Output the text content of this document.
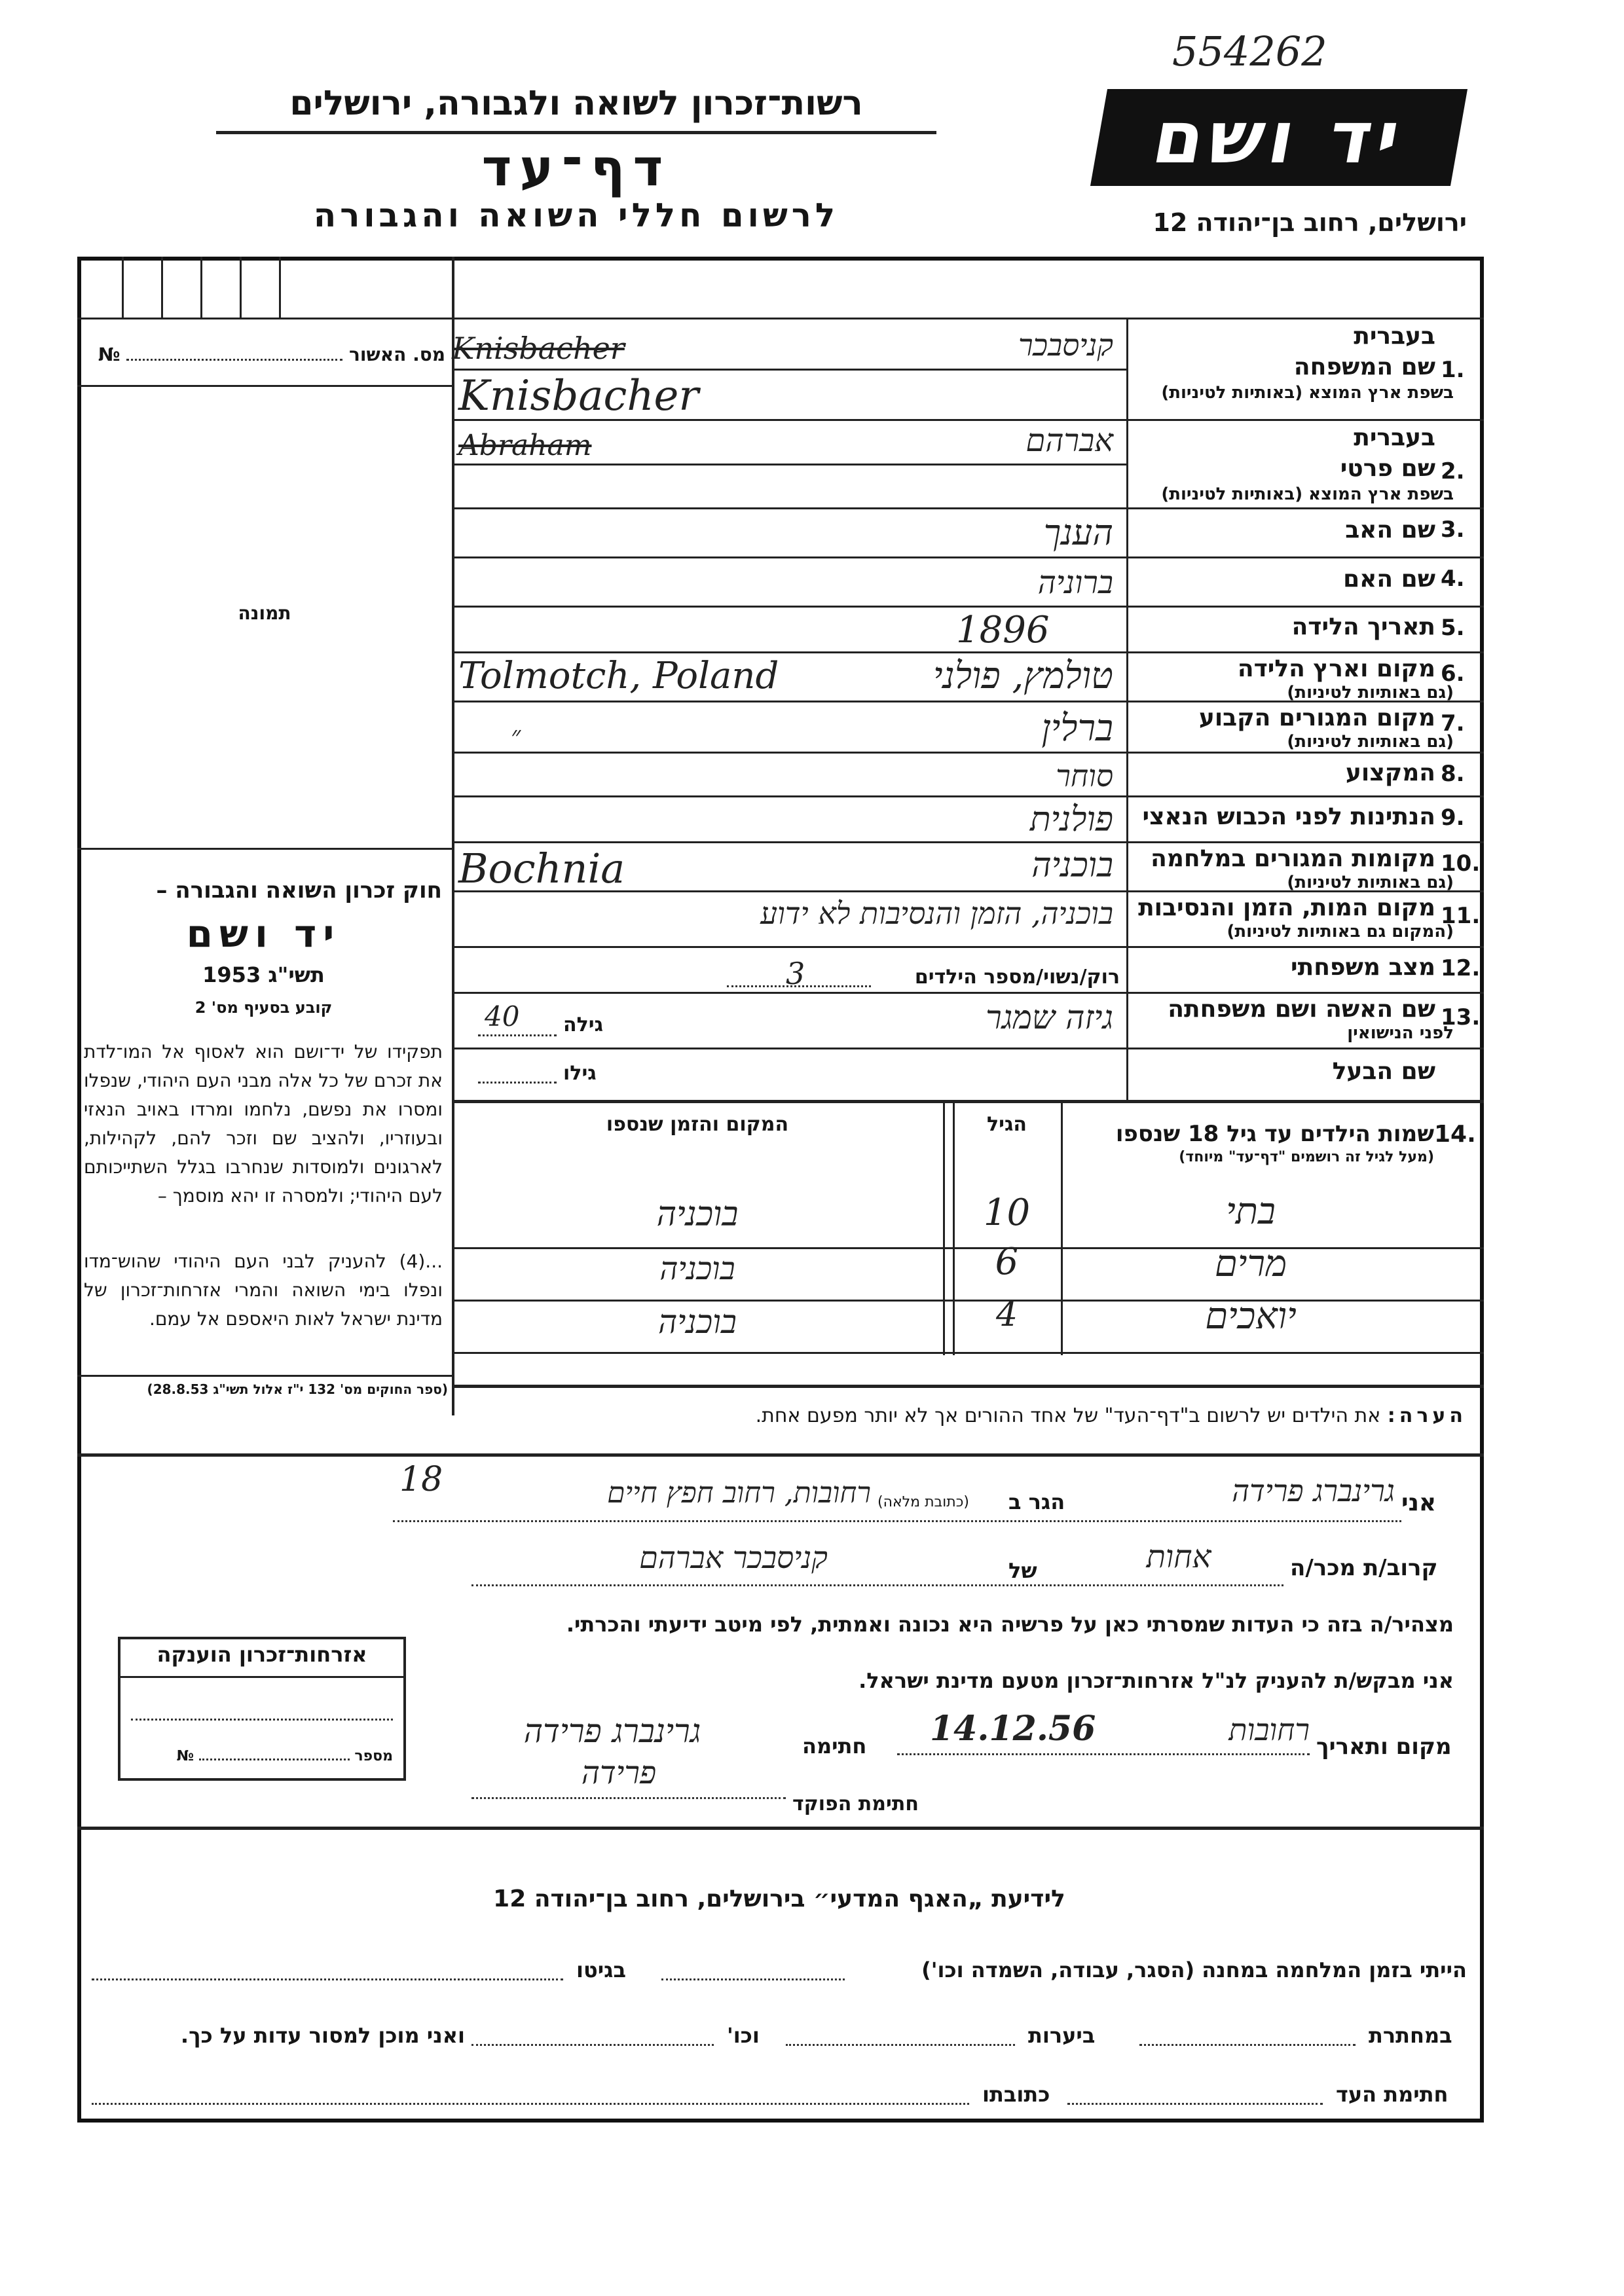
554262
רשות־זכרון לשואה ולגבורה, ירושלים
דף־עד
לרשום חללי השואה והגבורה
יד ושם
ירושלים, רחוב בן־יהודה 12
מס. האשור  №
תמונה
חוק זכרון השואה והגבורה –
יד ושם
תשי"ג 1953
קובע בסעיף מס' 2
תפקידו של יד־ושם הוא לאסוף אל המו־לדת את זכרם של כל אלה מבני העם היהודי, שנפלו ומסרו את נפשם, נלחמו ומרדו באויב הנאזי ובעוזריו, ולהציב שם וזכר להם, לקהילות, לארגונים ולמוסדות שנחרבו בגלל השתייכותם לעם היהודי; ולמסרה זו יהא מוסמך –
...(4) להעניק לבני העם היהודי שהוש־מדו ונפלו בימי השואה והמרי אזרחות־זכרון של מדינת ישראל לאות היאספם אל עמם.
(ספר החוקים מס' 132 י"ז אלול תשי"ג 28.8.53)
1.
שם המשפחה
בשפת ארץ המוצא (באותיות לטיניות)
בעברית
2.
שם פרטי
בשפת ארץ המוצא (באותיות לטיניות)
בעברית
3.
שם האב
4.
שם האם
5.
תאריך הלידה
6.
מקום וארץ הלידה
(גם באותיות לטיניות)
7.
מקום המגורים הקבוע
(גם באותיות לטיניות)
8.
המקצוע
9.
הנתינות לפני הכבוש הנאצי
10.
מקומות המגורים במלחמה
(גם באותיות לטיניות)
11.
מקום המות, הזמן והנסיבות
(המקום גם באותיות לטיניות)
12.
מצב משפחתי
13.
שם האשה ושם משפחתה
לפני הנישואין
שם הבעל
Knisbacher	קניסבכר
Knisbacher
Abraham	אברהם
הענך
ברוניה
1896
טולמץ, פולני
Tolmotch, Poland
ברלין
״
סוחר
פולנית
בוכניה
Bochnia
בוכניה, הזמן והנסיבות לא ידוע
רוק/נשוי/מספר הילדים
3
גיזה שמגר
גילה
40
גילו
14.
שמות הילדים עד גיל 18 שנספו
(מעל לגיל זה רושמים "דף־עד" מיוחד)
הגיל
המקום והזמן שנספו
בתי
10
בוכניה
מרים
6
בוכניה
יואכים
4
בוכניה
הערה: את הילדים יש לרשום ב"דף־העד" של אחד ההורים אך לא יותר מפעם אחת.
אני
גרינברג פרידה
הגר ב
(כתובת מלאה)
רחובות, רחוב חפץ חיים
18
קרוב/ת מכר/ה
אחות
של
קניסבכר אברהם
מצהיר/ה בזה כי העדות שמסרתי כאן על פרשיה היא נכונה ואמתית, לפי מיטב ידיעתי והכרתי.
אני מבקש/ת להעניק לנ"ל אזרחות־זכרון מטעם מדינת ישראל.
מקום ותאריך
רחובות
14.12.56
חתימה
גרינברג פרידה
פרידה
חתימת הפוקד
אזרחות־זכרון הוענקה
מספר  №
לידיעת „האגף המדעי״ בירושלים, רחוב בן־יהודה 12
הייתי בזמן המלחמה במחנה (הסגר, עבודה, השמדה וכו')
בגיטו
במחתרת
ביערות
וכו'
ואני מוכן למסור עדות על כך.
חתימת העד
כתובתו
